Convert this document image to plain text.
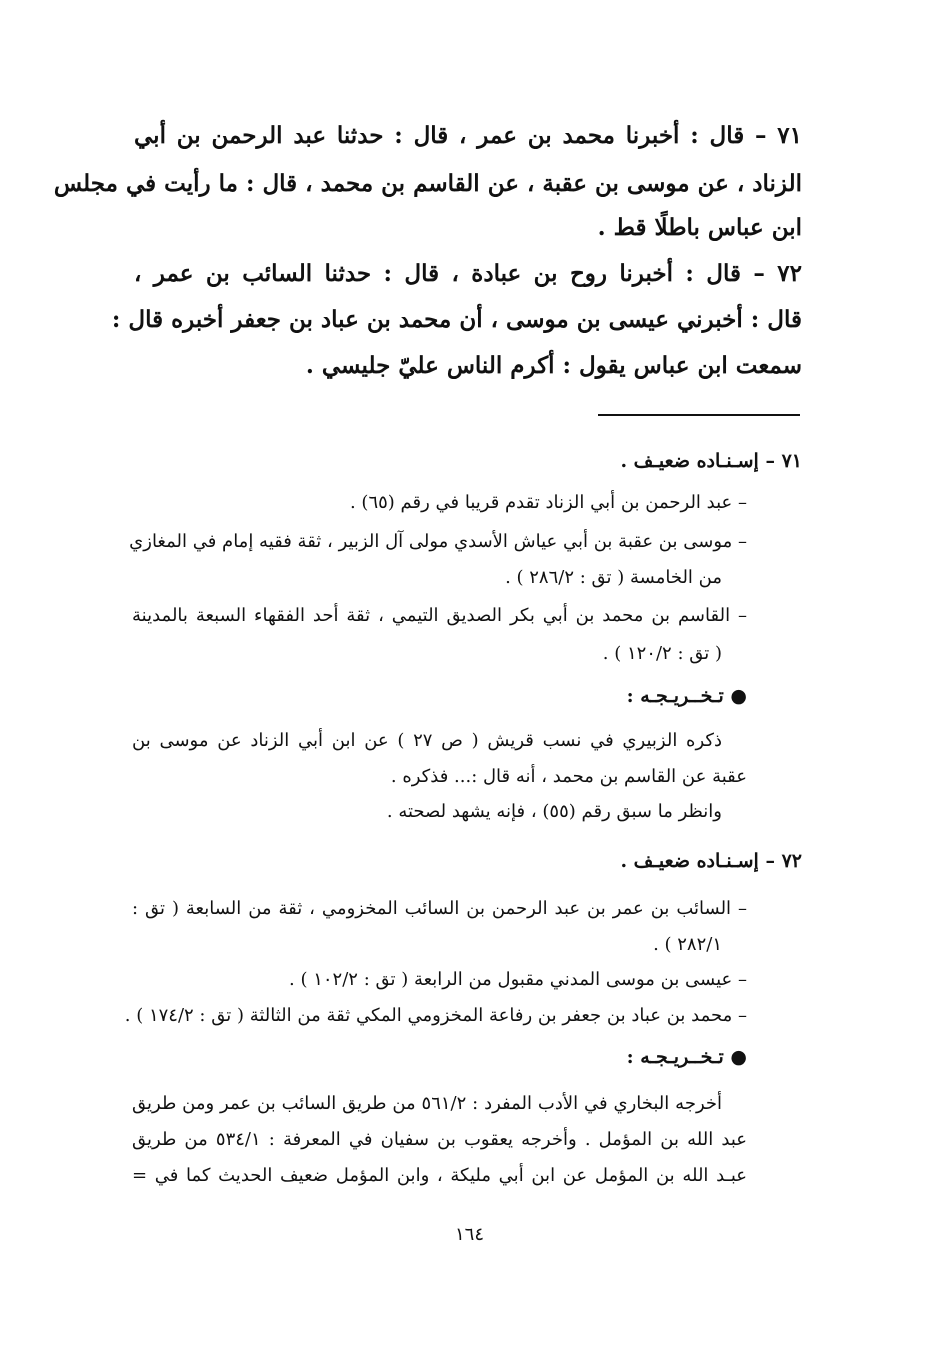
٧١ – قال : أخبرنا محمد بن عمر ، قال : حدثنا عبد الرحمن بن أبي
الزناد ، عن موسى بن عقبة ، عن القاسم بن محمد ، قال : ما رأيت في مجلس
ابن عباس باطلًا قط .
٧٢ – قال : أخبرنا روح بن عبادة ، قال : حدثنا السائب بن عمر ،
قال : أخبرني عيسى بن موسى ، أن محمد بن عباد بن جعفر أخبره قال :
سمعت ابن عباس يقول : أكرم الناس عليّ جليسي .
٧١ – إسـنـاده ضعيـف .
– عبد الرحمن بن أبي الزناد تقدم قريبا في رقم (٦٥) .
– موسى بن عقبة بن أبي عياش الأسدي مولى آل الزبير ، ثقة فقيه إمام في المغازي
من الخامسة ( تق : ٢٨٦/٢ ) .
– القاسم بن محمد بن أبي بكر الصديق التيمي ، ثقة أحد الفقهاء السبعة بالمدينة
( تق : ١٢٠/٢ ) .
● تـخــريـجـه :
ذكره الزبيري في نسب قريش ( ص ٢٧ ) عن ابن أبي الزناد عن موسى بن
عقبة عن القاسم بن محمد ، أنه قال :... فذكره .
وانظر ما سبق رقم (٥٥) ، فإنه يشهد لصحته .
٧٢ – إسـنـاده ضعيـف .
– السائب بن عمر بن عبد الرحمن بن السائب المخزومي ، ثقة من السابعة ( تق :
٢٨٢/١ ) .
– عيسى بن موسى المدني مقبول من الرابعة ( تق : ١٠٢/٢ ) .
– محمد بن عباد بن جعفر بن رفاعة المخزومي المكي ثقة من الثالثة ( تق : ١٧٤/٢ ) .
● تـخــريـجـه :
أخرجه البخاري في الأدب المفرد : ٥٦١/٢ من طريق السائب بن عمر ومن طريق
عبد الله بن المؤمل . وأخرجه يعقوب بن سفيان في المعرفة : ٥٣٤/١ من طريق
عبـد الله بن المؤمل عن ابن أبي مليكة ، وابن المؤمل ضعيف الحديث كما في =
١٦٤
